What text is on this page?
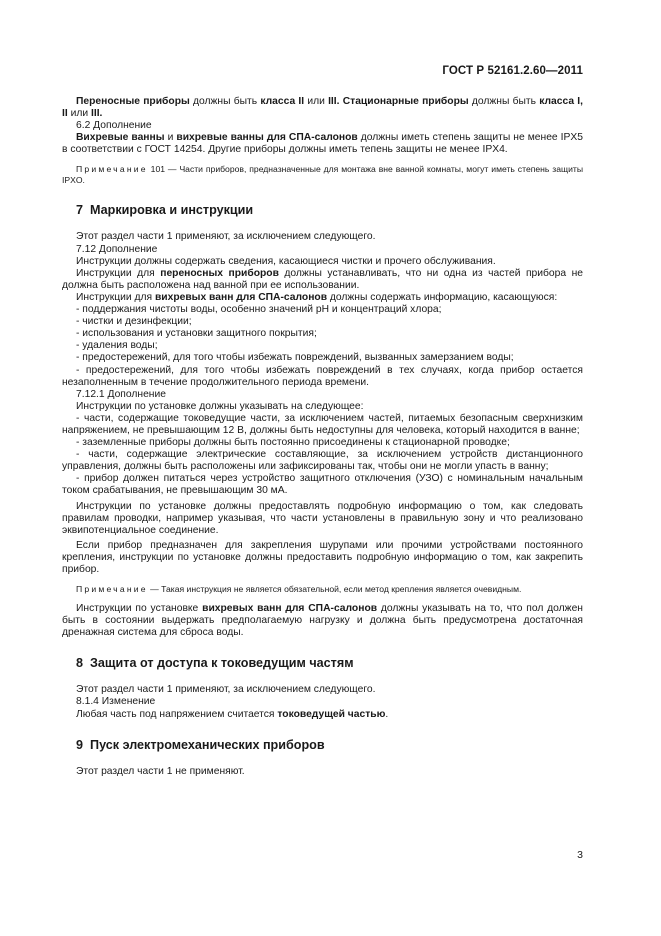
ГОСТ Р 52161.2.60—2011

Переносные приборы должны быть класса II или III. Стационарные приборы должны быть класса I, II или III.

6.2 Дополнение

Вихревые ванны и вихревые ванны для СПА-салонов должны иметь степень защиты не менее IPX5 в соответствии с ГОСТ 14254. Другие приборы должны иметь тепень защиты не менее IPX4.

Примечание 101 — Части приборов, предназначенные для монтажа вне ванной комнаты, могут иметь степень защиты IPXO.

7 Маркировка и инструкции

Этот раздел части 1 применяют, за исключением следующего.

7.12 Дополнение

Инструкции должны содержать сведения, касающиеся чистки и прочего обслуживания.

Инструкции для переносных приборов должны устанавливать, что ни одна из частей прибора не должна быть расположена над ванной при ее использовании.

Инструкции для вихревых ванн для СПА-салонов должны содержать информацию, касающуюся:

- поддержания чистоты воды, особенно значений pH и концентраций хлора;

- чистки и дезинфекции;

- использования и установки защитного покрытия;

- удаления воды;

- предостережений, для того чтобы избежать повреждений, вызванных замерзанием воды;

- предостережений, для того чтобы избежать повреждений в тех случаях, когда прибор остается незаполненным в течение продолжительного периода времени.

7.12.1 Дополнение

Инструкции по установке должны указывать на следующее:

- части, содержащие токоведущие части, за исключением частей, питаемых безопасным сверхнизким напряжением, не превышающим 12 В, должны быть недоступны для человека, который находится в ванне;

- заземленные приборы должны быть постоянно присоединены к стационарной проводке;

- части, содержащие электрические составляющие, за исключением устройств дистанционного управления, должны быть расположены или зафиксированы так, чтобы они не могли упасть в ванну;

- прибор должен питаться через устройство защитного отключения (УЗО) с номинальным начальным током срабатывания, не превышающим 30 мА.

Инструкции по установке должны предоставлять подробную информацию о том, как следовать правилам проводки, например указывая, что части установлены в правильную зону и что реализовано эквипотенциальное соединение.

Если прибор предназначен для закрепления шурупами или прочими устройствами постоянного крепления, инструкции по установке должны предоставить подробную информацию о том, как закрепить прибор.

Примечание — Такая инструкция не является обязательной, если метод крепления является очевидным.

Инструкции по установке вихревых ванн для СПА-салонов должны указывать на то, что пол должен быть в состоянии выдержать предполагаемую нагрузку и должна быть предусмотрена достаточная дренажная система для сброса воды.

8 Защита от доступа к токоведущим частям

Этот раздел части 1 применяют, за исключением следующего.

8.1.4 Изменение

Любая часть под напряжением считается токоведущей частью.

9 Пуск электромеханических приборов

Этот раздел части 1 не применяют.

3
